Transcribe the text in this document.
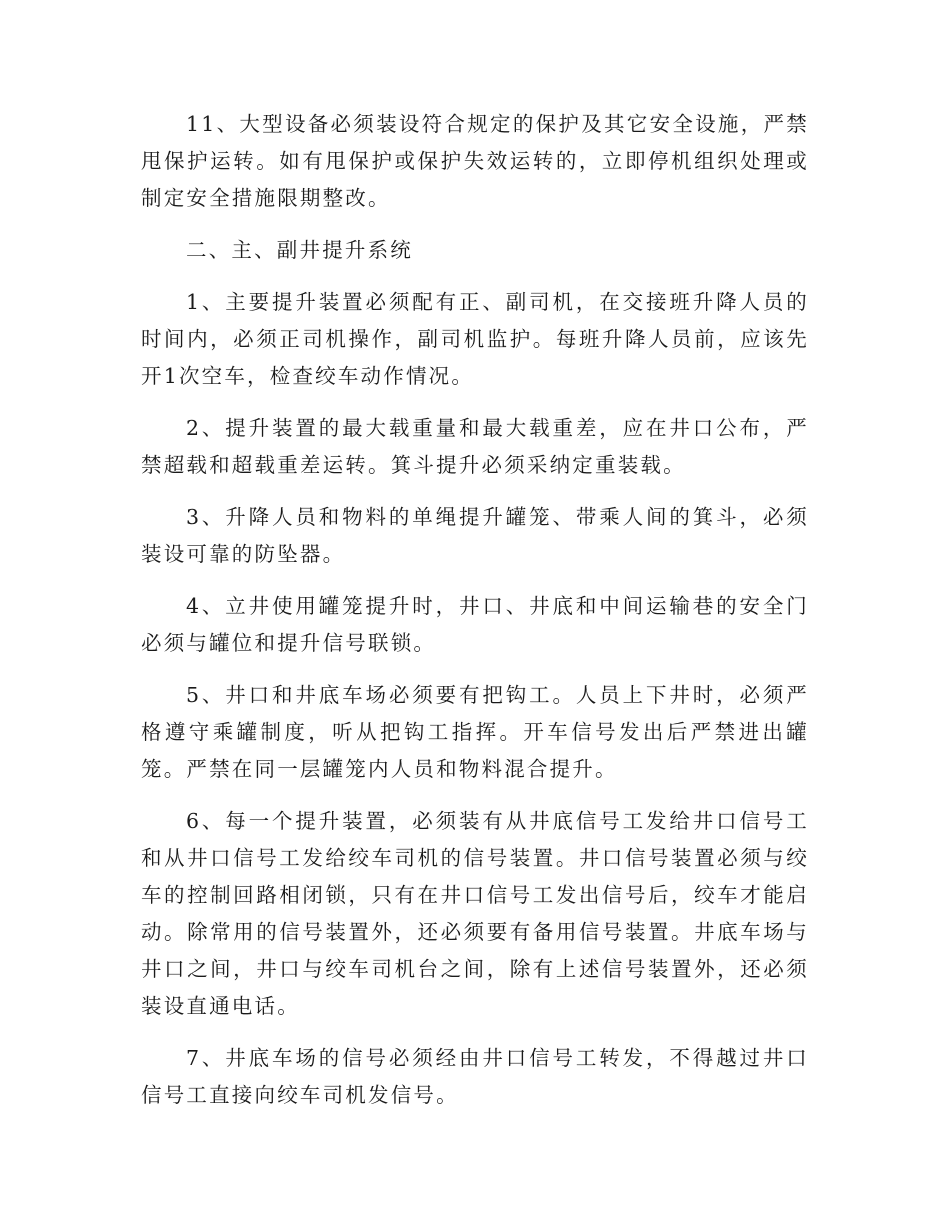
11、大型设备必须装设符合规定的保护及其它安全设施，严禁甩保护运转。如有甩保护或保护失效运转的，立即停机组织处理或制定安全措施限期整改。

二、主、副井提升系统

1、主要提升装置必须配有正、副司机，在交接班升降人员的时间内，必须正司机操作，副司机监护。每班升降人员前，应该先开1次空车，检查绞车动作情况。

2、提升装置的最大载重量和最大载重差，应在井口公布，严禁超载和超载重差运转。箕斗提升必须采纳定重装载。

3、升降人员和物料的单绳提升罐笼、带乘人间的箕斗，必须装设可靠的防坠器。

4、立井使用罐笼提升时，井口、井底和中间运输巷的安全门必须与罐位和提升信号联锁。

5、井口和井底车场必须要有把钩工。人员上下井时，必须严格遵守乘罐制度，听从把钩工指挥。开车信号发出后严禁进出罐笼。严禁在同一层罐笼内人员和物料混合提升。

6、每一个提升装置，必须装有从井底信号工发给井口信号工和从井口信号工发给绞车司机的信号装置。井口信号装置必须与绞车的控制回路相闭锁，只有在井口信号工发出信号后，绞车才能启动。除常用的信号装置外，还必须要有备用信号装置。井底车场与井口之间，井口与绞车司机台之间，除有上述信号装置外，还必须装设直通电话。

7、井底车场的信号必须经由井口信号工转发，不得越过井口信号工直接向绞车司机发信号。
